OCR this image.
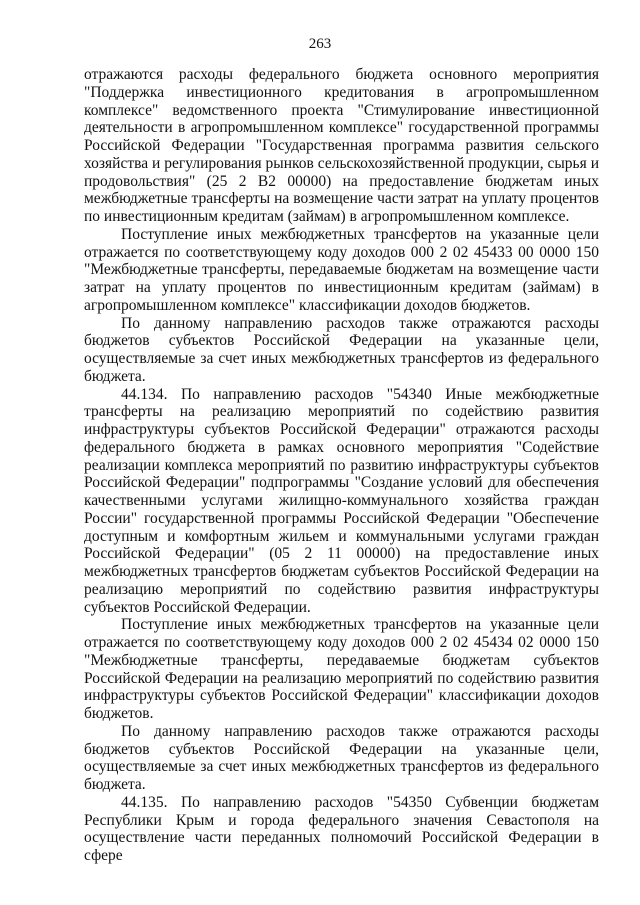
263

отражаются расходы федерального бюджета основного мероприятия "Поддержка инвестиционного кредитования в агропромышленном комплексе" ведомственного проекта "Стимулирование инвестиционной деятельности в агропромышленном комплексе" государственной программы Российской Федерации "Государственная программа развития сельского хозяйства и регулирования рынков сельскохозяйственной продукции, сырья и продовольствия" (25 2 В2 00000) на предоставление бюджетам иных межбюджетные трансферты на возмещение части затрат на уплату процентов по инвестиционным кредитам (займам) в агропромышленном комплексе.

Поступление иных межбюджетных трансфертов на указанные цели отражается по соответствующему коду доходов 000 2 02 45433 00 0000 150 "Межбюджетные трансферты, передаваемые бюджетам на возмещение части затрат на уплату процентов по инвестиционным кредитам (займам) в агропромышленном комплексе" классификации доходов бюджетов.

По данному направлению расходов также отражаются расходы бюджетов субъектов Российской Федерации на указанные цели, осуществляемые за счет иных межбюджетных трансфертов из федерального бюджета.

44.134. По направлению расходов "54340 Иные межбюджетные трансферты на реализацию мероприятий по содействию развития инфраструктуры субъектов Российской Федерации" отражаются расходы федерального бюджета в рамках основного мероприятия "Содействие реализации комплекса мероприятий по развитию инфраструктуры субъектов Российской Федерации" подпрограммы "Создание условий для обеспечения качественными услугами жилищно-коммунального хозяйства граждан России" государственной программы Российской Федерации "Обеспечение доступным и комфортным жильем и коммунальными услугами граждан Российской Федерации" (05 2 11 00000) на предоставление иных межбюджетных трансфертов бюджетам субъектов Российской Федерации на реализацию мероприятий по содействию развития инфраструктуры субъектов Российской Федерации.

Поступление иных межбюджетных трансфертов на указанные цели отражается по соответствующему коду доходов 000 2 02 45434 02 0000 150 "Межбюджетные трансферты, передаваемые бюджетам субъектов Российской Федерации на реализацию мероприятий по содействию развития инфраструктуры субъектов Российской Федерации" классификации доходов бюджетов.

По данному направлению расходов также отражаются расходы бюджетов субъектов Российской Федерации на указанные цели, осуществляемые за счет иных межбюджетных трансфертов из федерального бюджета.

44.135. По направлению расходов "54350 Субвенции бюджетам Республики Крым и города федерального значения Севастополя на осуществление части переданных полномочий Российской Федерации в сфере
